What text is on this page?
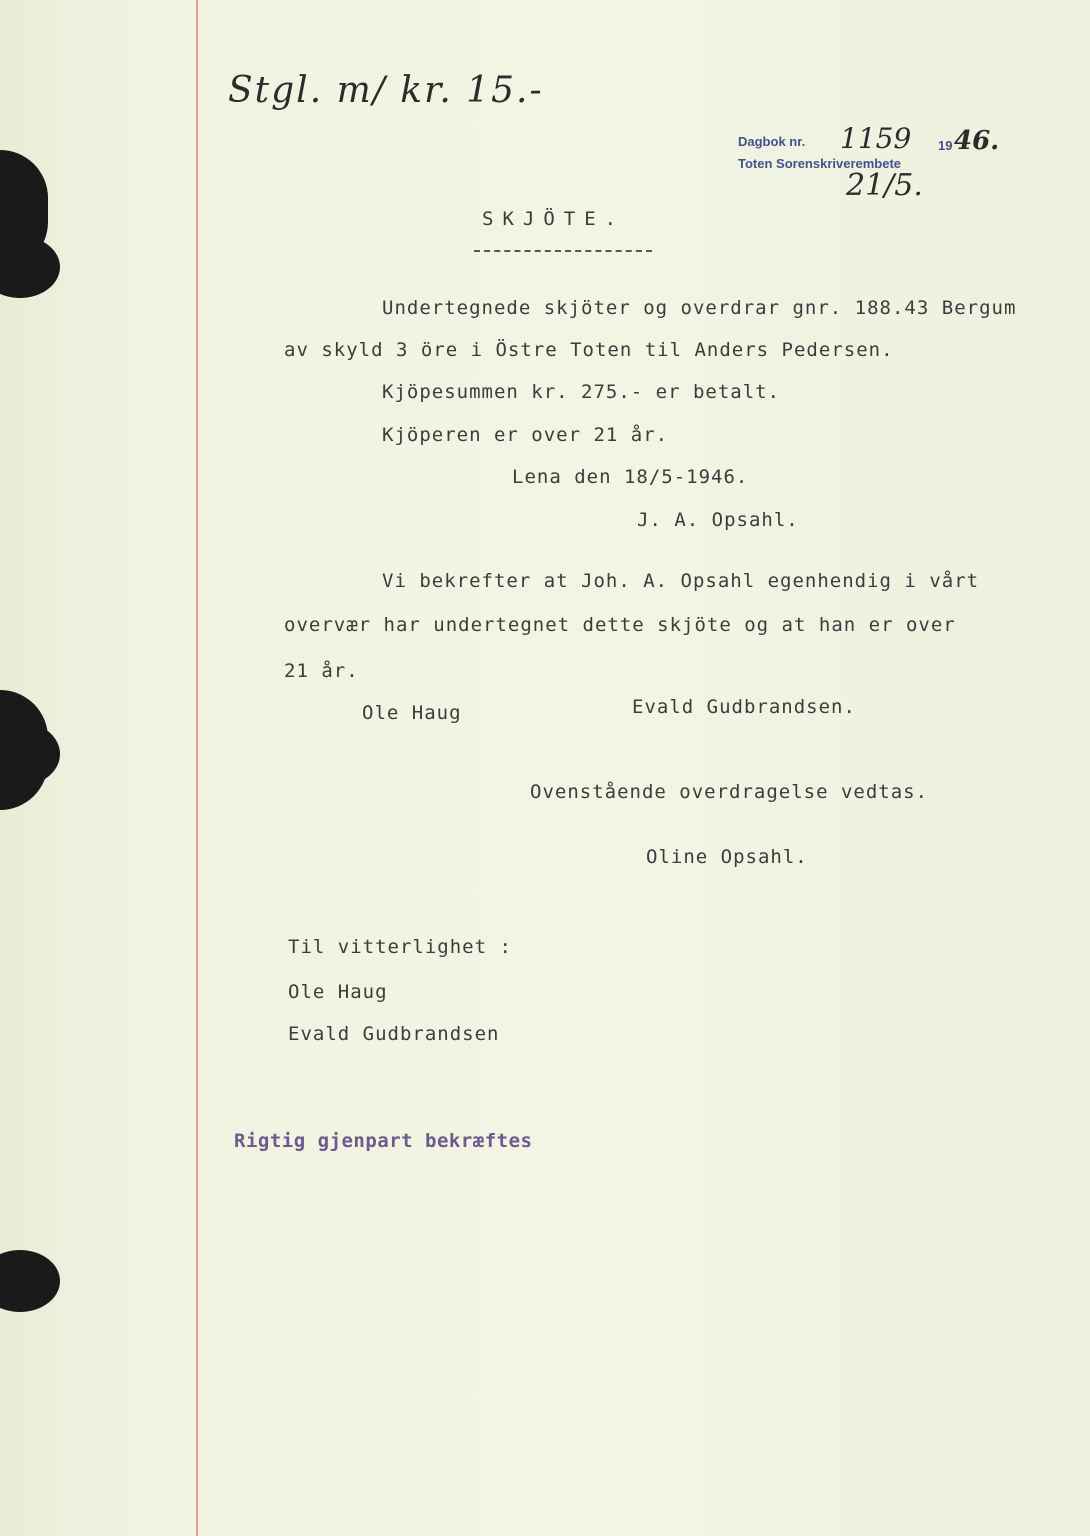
Stgl. m/ kr. 15.-
Dagbok nr. 1159 19 46.
Toten Sorenskriverembete
21/5.
SKJÖTE.
Undertegnede skjöter og overdrar gnr. 188.43 Bergum
av skyld 3 öre i Östre Toten til Anders Pedersen.
Kjöpesummen kr. 275.- er betalt.
Kjöperen er over 21 år.
Lena den 18/5-1946.
J. A. Opsahl.
Vi bekrefter at Joh. A. Opsahl egenhendig i vårt
overvær har undertegnet dette skjöte og at han er over
21 år.
Ole Haug	Evald Gudbrandsen.
Ovenstående overdragelse vedtas.
Oline Opsahl.
Til vitterlighet :
Ole Haug
Evald Gudbrandsen
Rigtig gjenpart bekræftes
